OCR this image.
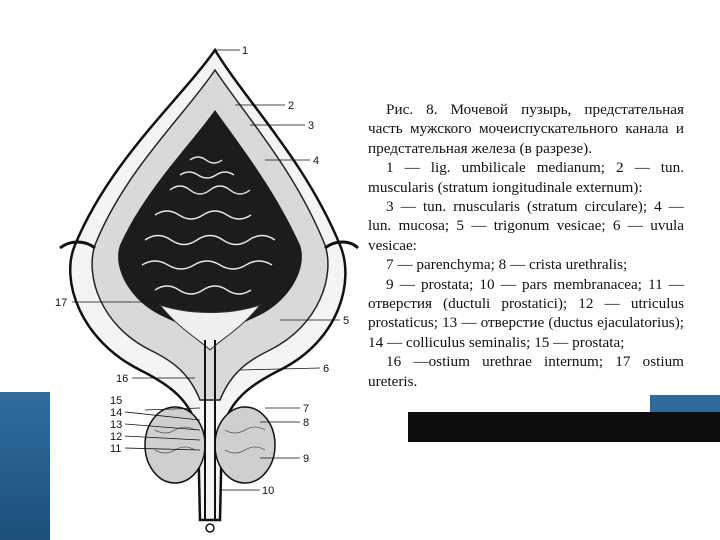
1
2
3
4
5
6
7
8
9
10
11
12
13
14
15
16
17

Рис. 8. Мочевой пузырь, предстательная часть мужского мочеиспускательного канала и предстательная железа (в разрезе).

1 — lig. umbilicale medianum; 2 — tun. muscularis (stratum iongitudinale externum):

3 — tun. rnuscularis (stratum circulare); 4 — lun. mucosa; 5 — trigonum vesicae; 6 — uvula vesicae:

7 — parenchyma; 8 — crista urethralis;

9 — prostata; 10 — pars membranacea; 11 — отверстия (ductuli prostatici); 12 — utriculus prostaticus; 13 — отверстие (ductus ejaculatorius); 14 — colliculus seminalis; 15 — prostata;

16 —ostium urethrae internum; 17 ostium ureteris.
